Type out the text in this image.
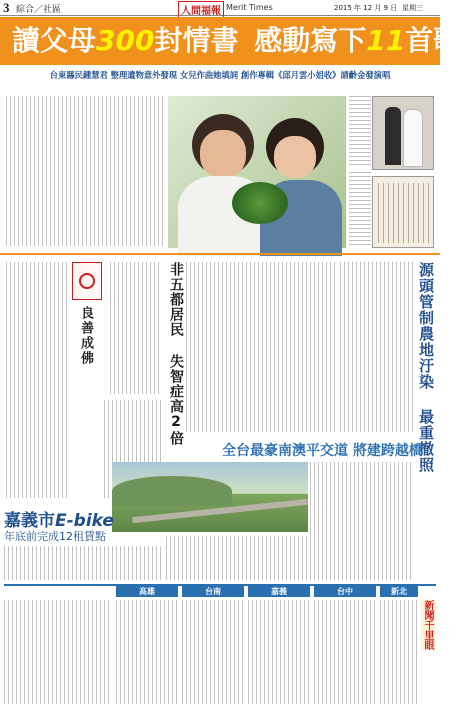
3 綜合／社區	人間福報 Merit Times	2015 年 12 月 9 日 星期三
讀父母300封情書 感動寫下11首歌
台東縣民鍾慧君 整理遺物意外發現 女兒作曲她填詞 創作專輯《邱月雲小姐收》請齡金發演唱
良善成佛	非五都居民 失智症高2倍	源頭管制農地汙染 最重撤照
全台最豪南澳平交道 將建跨越橋
嘉義市E-bike
年底前完成12租賃點
高雄	台南	嘉義	台中	新北
新聞千里眼
